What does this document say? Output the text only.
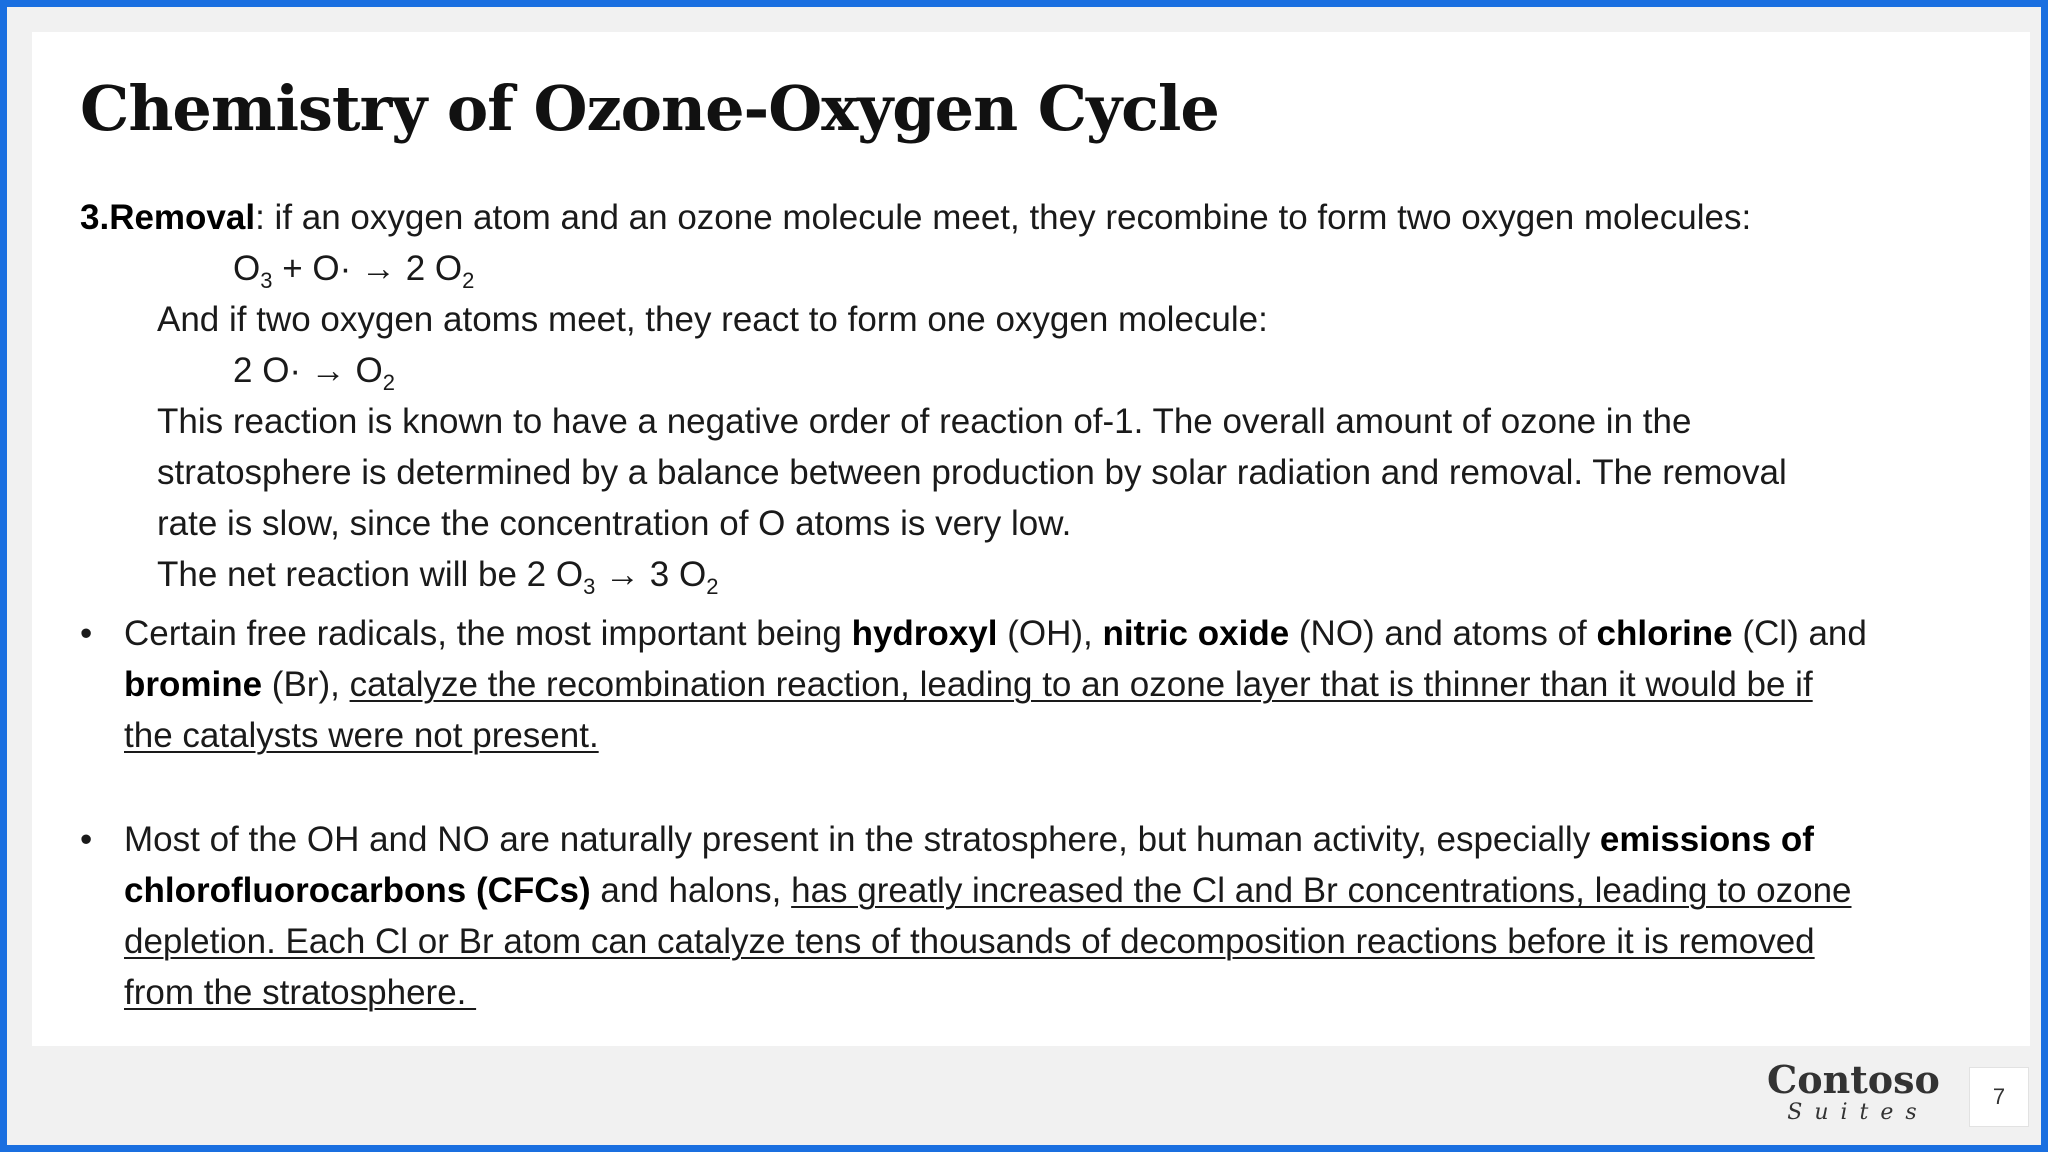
Chemistry of Ozone-Oxygen Cycle
3.Removal: if an oxygen atom and an ozone molecule meet, they recombine to form two oxygen molecules:
$O_3 + O\cdot \to 2$ $O_2$
And if two oxygen atoms meet, they react to form one oxygen molecule:
2 $O\cdot \to O_2$
This reaction is known to have a negative order of reaction of-1. The overall amount of ozone in the
stratosphere is determined by a balance between production by solar radiation and removal. The removal
rate is slow, since the concentration of O atoms is very low.
The net reaction will be 2 $O_3 \to 3$ $O_2$
• Certain free radicals, the most important being hydroxyl (OH), nitric oxide (NO) and atoms of chlorine (Cl) and
bromine (Br), catalyze the recombination reaction, leading to an ozone layer that is thinner than it would be if
the catalysts were not present.
• Most of the OH and NO are naturally present in the stratosphere, but human activity, especially emissions of
chlorofluorocarbons (CFCs) and halons, has greatly increased the Cl and Br concentrations, leading to ozone
depletion. Each Cl or Br atom can catalyze tens of thousands of decomposition reactions before it is removed
from the stratosphere.
Contoso
Suites
7
